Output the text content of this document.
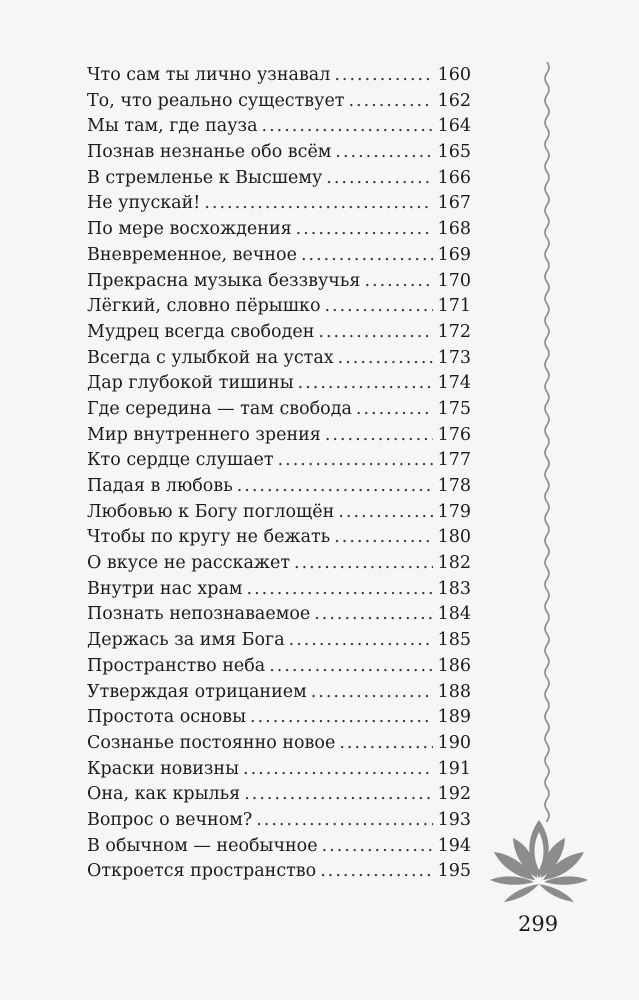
Что сам ты лично узнавал .....	160
То, что реально существует .....	162
Мы там, где пауза .....	164
Познав незнанье обо всём .....	165
В стремленье к Высшему .....	166
Не упускай! .....	167
По мере восхождения .....	168
Вневременное, вечное .....	169
Прекрасна музыка беззвучья .....	170
Лёгкий, словно пёрышко .....	171
Мудрец всегда свободен .....	172
Всегда с улыбкой на устах .....	173
Дар глубокой тишины .....	174
Где середина — там свобода .....	175
Мир внутреннего зрения .....	176
Кто сердце слушает .....	177
Падая в любовь .....	178
Любовью к Богу поглощён .....	179
Чтобы по кругу не бежать .....	180
О вкусе не расскажет .....	182
Внутри нас храм .....	183
Познать непознаваемое .....	184
Держась за имя Бога .....	185
Пространство неба .....	186
Утверждая отрицанием .....	188
Простота основы .....	189
Сознанье постоянно новое .....	190
Краски новизны .....	191
Она, как крылья .....	192
Вопрос о вечном? .....	193
В обычном — необычное .....	194
Откроется пространство .....	195
299
